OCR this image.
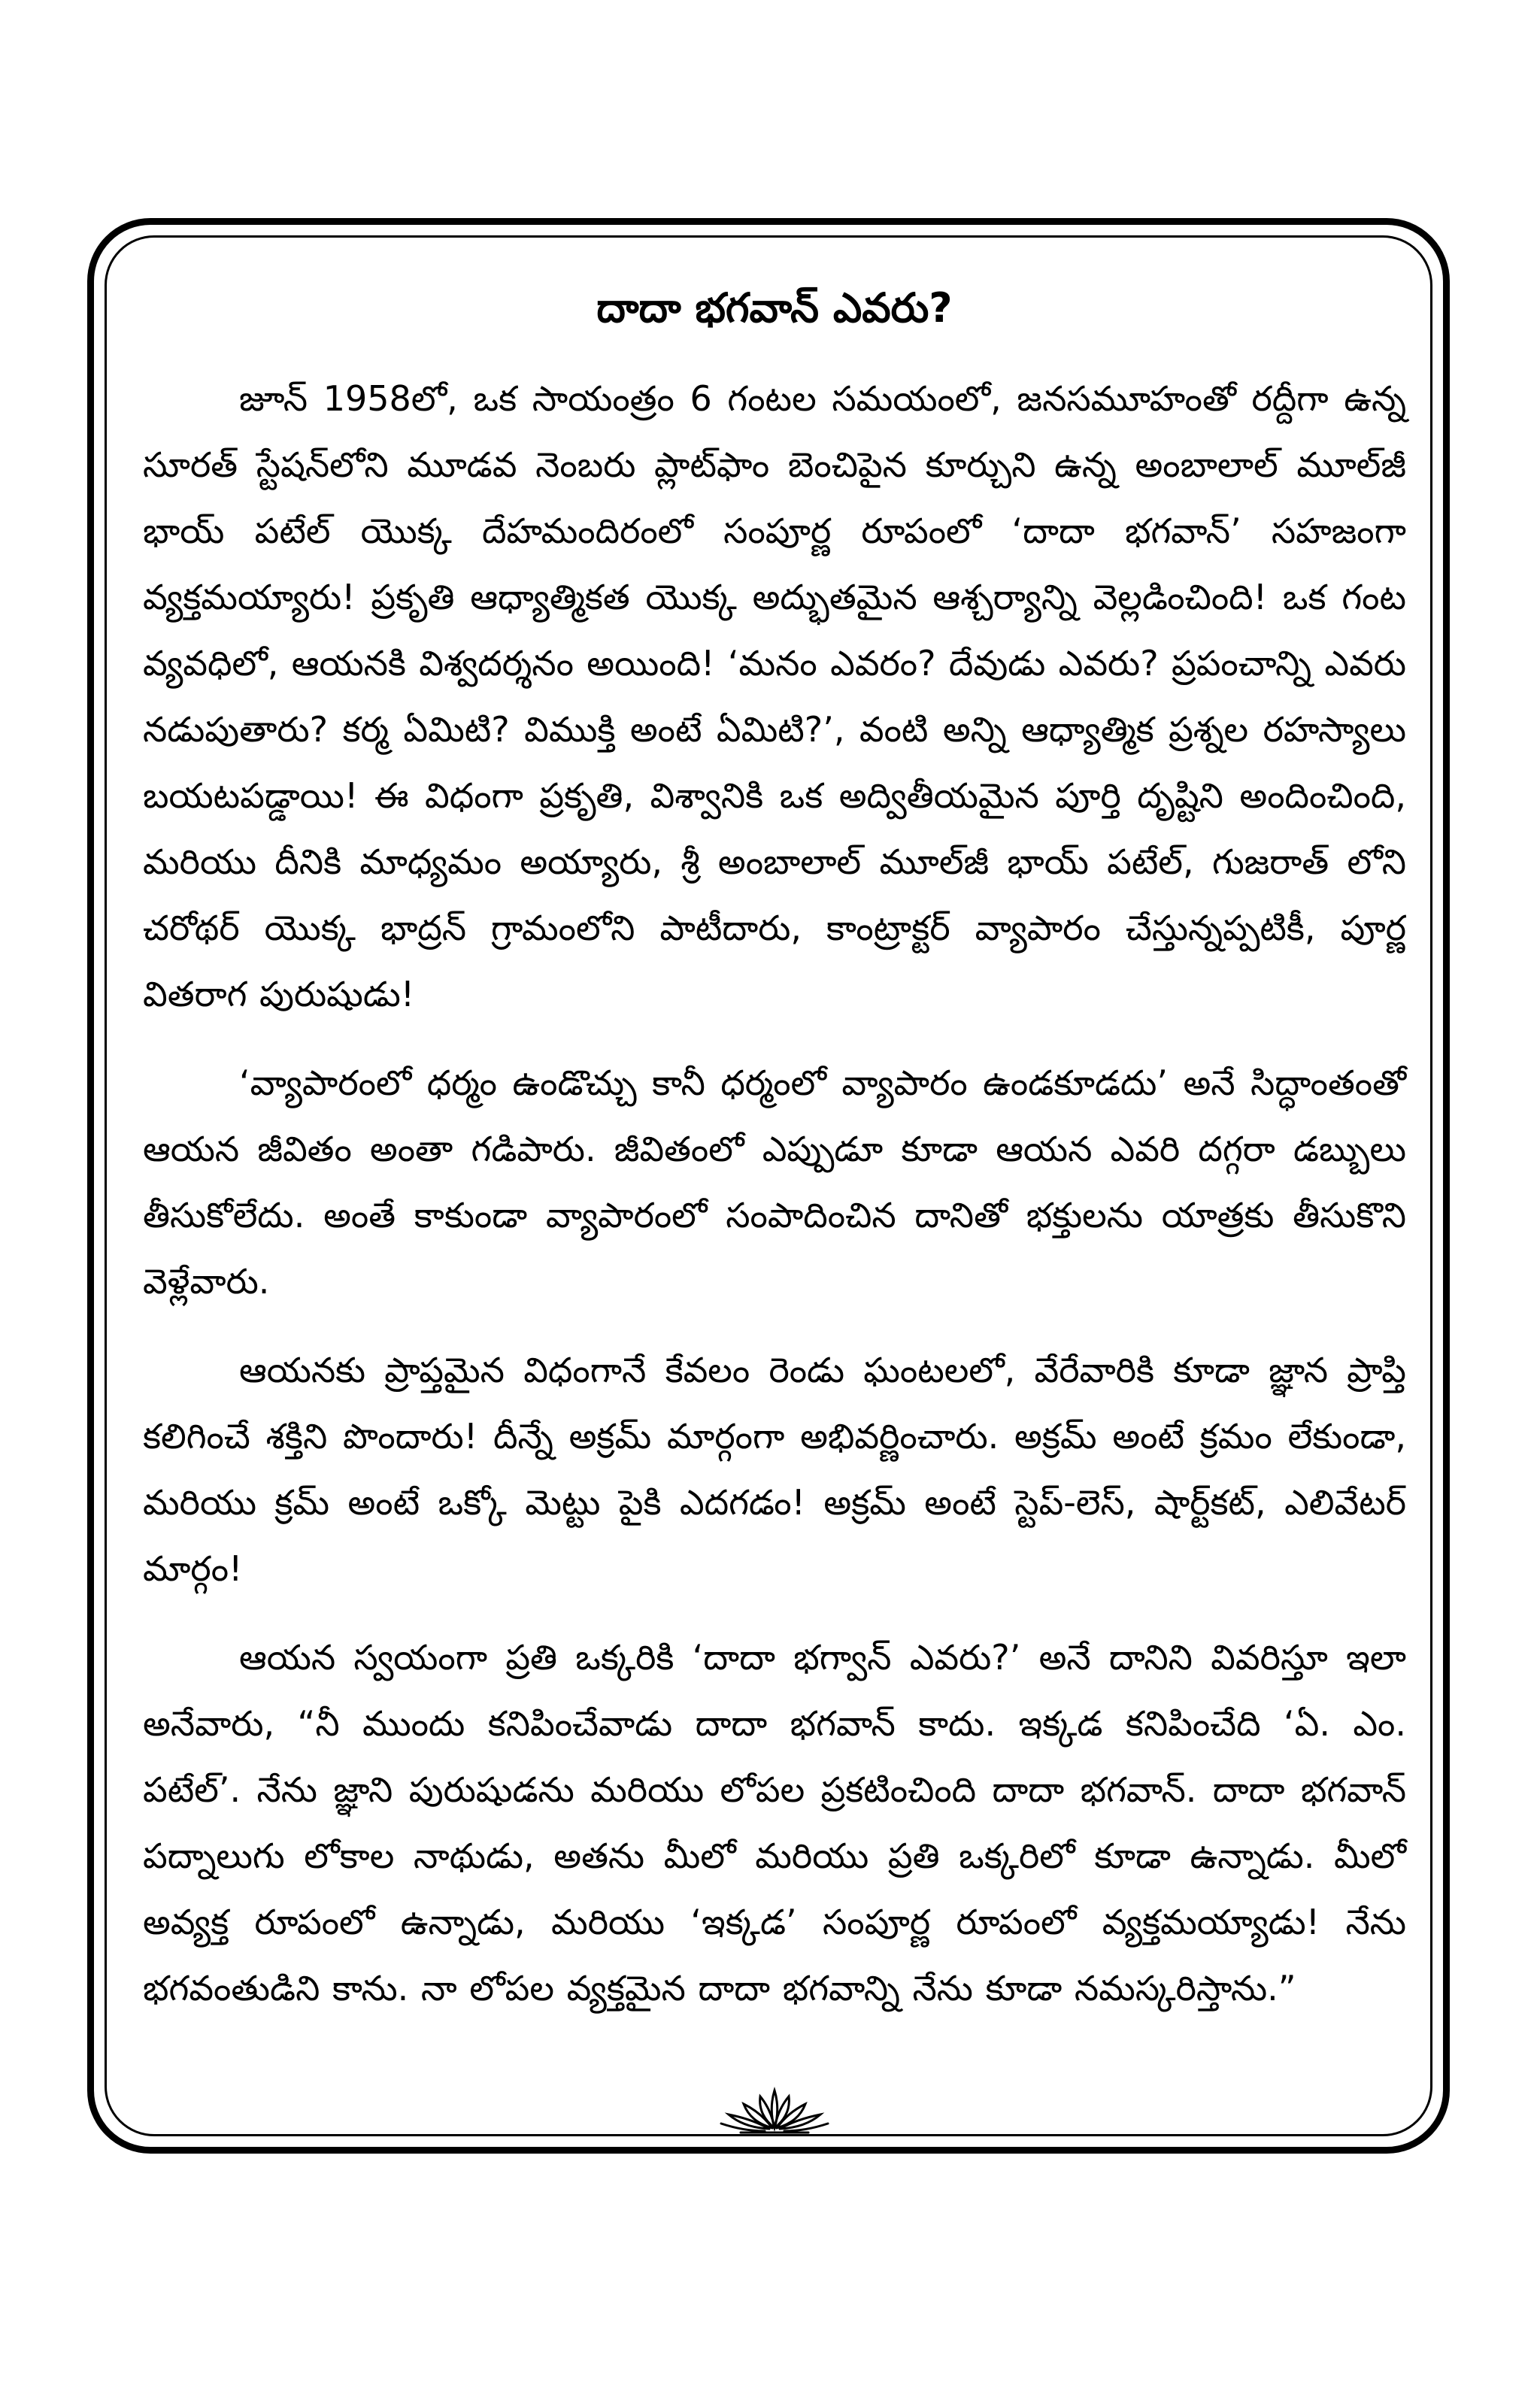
దాదా భగవాన్ ఎవరు?

జూన్ 1958లో, ఒక సాయంత్రం 6 గంటల సమయంలో, జనసమూహంతో రద్దీగా ఉన్న సూరత్ స్టేషన్‌లోని మూడవ నెంబరు ప్లాట్‌ఫాం బెంచిపైన కూర్చుని ఉన్న అంబాలాల్ మూల్‌జీ భాయ్ పటేల్ యొక్క దేహమందిరంలో సంపూర్ణ రూపంలో ‘దాదా భగవాన్’ సహజంగా వ్యక్తమయ్యారు! ప్రకృతి ఆధ్యాత్మికత యొక్క అద్భుతమైన ఆశ్చర్యాన్ని వెల్లడించింది! ఒక గంట వ్యవధిలో, ఆయనకి విశ్వదర్శనం అయింది! ‘మనం ఎవరం? దేవుడు ఎవరు? ప్రపంచాన్ని ఎవరు నడుపుతారు? కర్మ ఏమిటి? విముక్తి అంటే ఏమిటి?’, వంటి అన్ని ఆధ్యాత్మిక ప్రశ్నల రహస్యాలు బయటపడ్డాయి! ఈ విధంగా ప్రకృతి, విశ్వానికి ఒక అద్వితీయమైన పూర్తి దృష్టిని అందించింది, మరియు దీనికి మాధ్యమం అయ్యారు, శ్రీ అంబాలాల్ మూల్‌జీ భాయ్ పటేల్, గుజరాత్ లోని చరోథర్ యొక్క భాద్రన్ గ్రామంలోని పాటీదారు, కాంట్రాక్టర్ వ్యాపారం చేస్తున్నప్పటికీ, పూర్ణ వితరాగ పురుషుడు!

‘వ్యాపారంలో ధర్మం ఉండొచ్చు కానీ ధర్మంలో వ్యాపారం ఉండకూడదు’ అనే సిద్ధాంతంతో ఆయన జీవితం అంతా గడిపారు. జీవితంలో ఎప్పుడూ కూడా ఆయన ఎవరి దగ్గరా డబ్బులు తీసుకోలేదు. అంతే కాకుండా వ్యాపారంలో సంపాదించిన దానితో భక్తులను యాత్రకు తీసుకొని వెళ్లేవారు.

ఆయనకు ప్రాప్తమైన విధంగానే కేవలం రెండు ఘంటలలో, వేరేవారికి కూడా జ్ఞాన ప్రాప్తి కలిగించే శక్తిని పొందారు! దీన్నే అక్రమ్ మార్గంగా అభివర్ణించారు. అక్రమ్ అంటే క్రమం లేకుండా, మరియు క్రమ్ అంటే ఒక్కో మెట్టు పైకి ఎదగడం! అక్రమ్ అంటే స్టెప్-లెస్, షార్ట్‌కట్, ఎలివేటర్ మార్గం!

ఆయన స్వయంగా ప్రతి ఒక్కరికి ‘దాదా భగ్వాన్ ఎవరు?’ అనే దానిని వివరిస్తూ ఇలా అనేవారు, “నీ ముందు కనిపించేవాడు దాదా భగవాన్ కాదు. ఇక్కడ కనిపించేది ‘ఏ. ఎం. పటేల్’. నేను జ్ఞాని పురుషుడను మరియు లోపల ప్రకటించింది దాదా భగవాన్. దాదా భగవాన్ పద్నాలుగు లోకాల నాథుడు, అతను మీలో మరియు ప్రతి ఒక్కరిలో కూడా ఉన్నాడు. మీలో అవ్యక్త రూపంలో ఉన్నాడు, మరియు ‘ఇక్కడ’ సంపూర్ణ రూపంలో వ్యక్తమయ్యాడు! నేను భగవంతుడిని కాను. నా లోపల వ్యక్తమైన దాదా భగవాన్ని నేను కూడా నమస్కరిస్తాను.”
